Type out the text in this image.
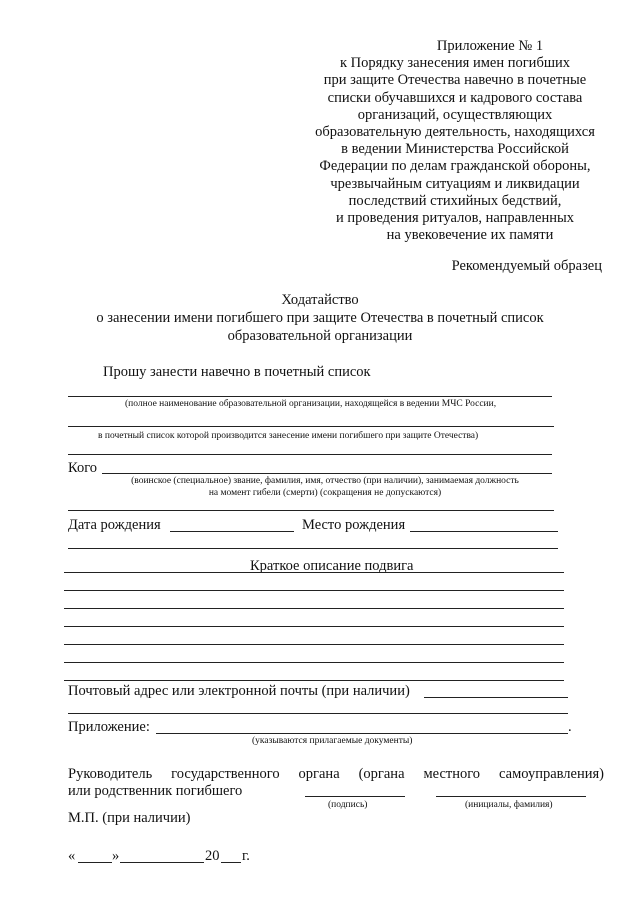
Приложение № 1
к Порядку занесения имен погибших
при защите Отечества навечно в почетные
списки обучавшихся и кадрового состава
организаций, осуществляющих
образовательную деятельность, находящихся
в ведении Министерства Российской
Федерации по делам гражданской обороны,
чрезвычайным ситуациям и ликвидации
последствий стихийных бедствий,
и проведения ритуалов, направленных
на увековечение их памяти
Рекомендуемый образец
Ходатайство
о занесении имени погибшего при защите Отечества в почетный список
образовательной организации
Прошу занести навечно в почетный список
(полное наименование образовательной организации, находящейся в ведении МЧС России,
в почетный список которой производится занесение имени погибшего при защите Отечества)
Кого
(воинское (специальное) звание, фамилия, имя, отчество (при наличии), занимаемая должность
на момент гибели (смерти) (сокращения не допускаются)
Дата рождения	Место рождения
Краткое описание подвига
Почтовый адрес или электронной почты (при наличии)
Приложение:	.
(указываются прилагаемые документы)
Руководитель государственного органа (органа местного самоуправления)
или родственник погибшего
(подпись)	(инициалы, фамилия)
М.П. (при наличии)
«	»	20 г.
